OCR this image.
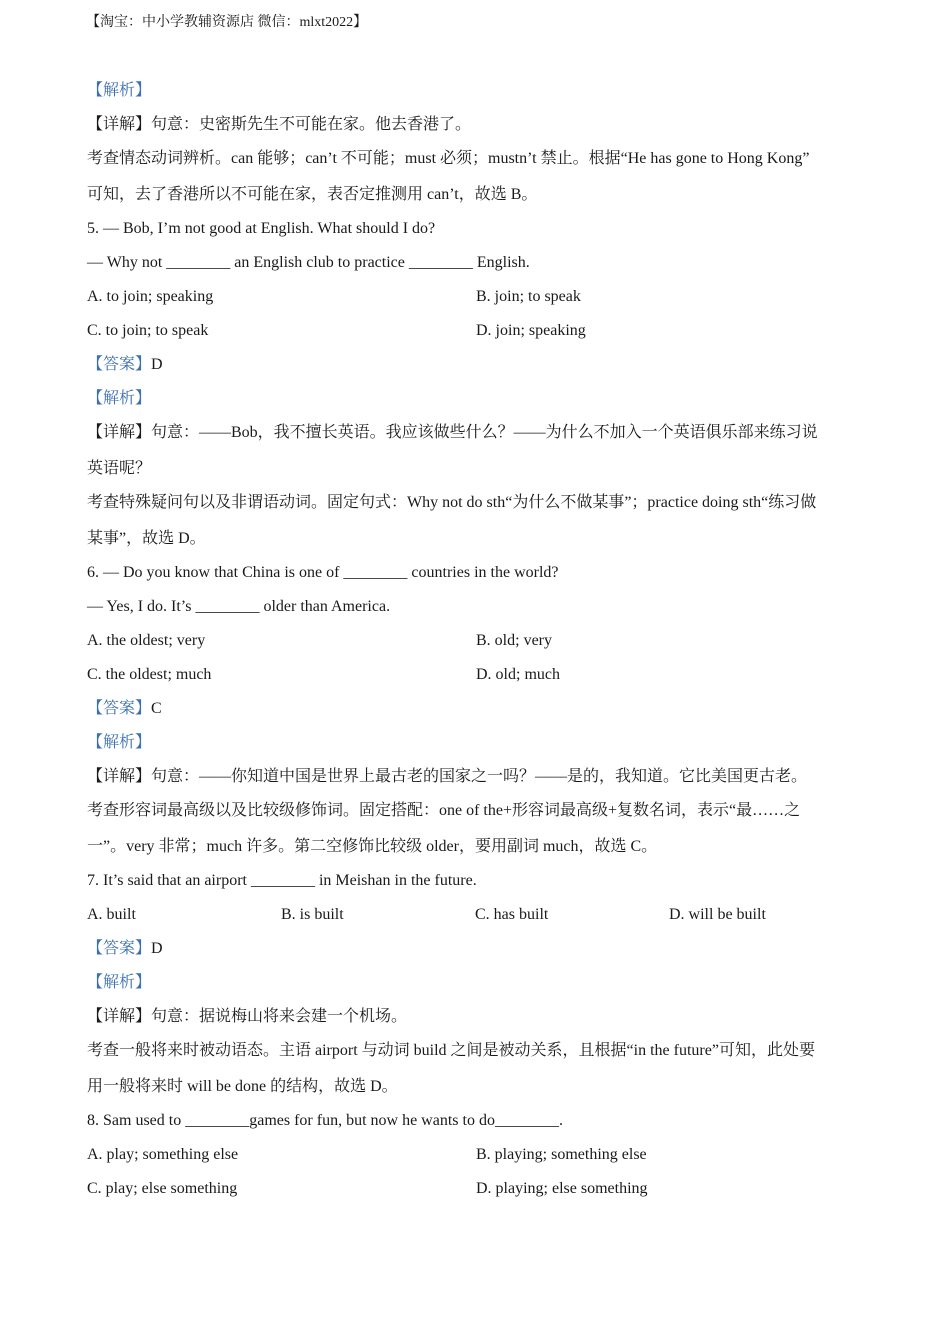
【淘宝：中小学教辅资源店 微信：mlxt2022】
【解析】
【详解】句意：史密斯先生不可能在家。他去香港了。
考查情态动词辨析。can 能够；can’t 不可能；must 必须；mustn’t 禁止。根据“He has gone to Hong Kong”
可知，去了香港所以不可能在家，表否定推测用 can’t，故选 B。
5. — Bob, I’m not good at English. What should I do?
— Why not ________ an English club to practice ________ English.
A. to join; speaking	B. join; to speak
C. to join; to speak	D. join; speaking
【答案】D
【解析】
【详解】句意：——Bob，我不擅长英语。我应该做些什么？——为什么不加入一个英语俱乐部来练习说
英语呢？
考查特殊疑问句以及非谓语动词。固定句式：Why not do sth“为什么不做某事”；practice doing sth“练习做
某事”，故选 D。
6. — Do you know that China is one of ________ countries in the world?
— Yes, I do. It’s ________ older than America.
A. the oldest; very	B. old; very
C. the oldest; much	D. old; much
【答案】C
【解析】
【详解】句意：——你知道中国是世界上最古老的国家之一吗？——是的，我知道。它比美国更古老。
考查形容词最高级以及比较级修饰词。固定搭配：one of the+形容词最高级+复数名词，表示“最……之
一”。very 非常；much 许多。第二空修饰比较级 older，要用副词 much，故选 C。
7. It’s said that an airport ________ in Meishan in the future.
A. built	B. is built	C. has built	D. will be built
【答案】D
【解析】
【详解】句意：据说梅山将来会建一个机场。
考查一般将来时被动语态。主语 airport 与动词 build 之间是被动关系，且根据“in the future”可知，此处要
用一般将来时 will be done 的结构，故选 D。
8. Sam used to ________games for fun, but now he wants to do________.
A. play; something else	B. playing; something else
C. play; else something	D. playing; else something
